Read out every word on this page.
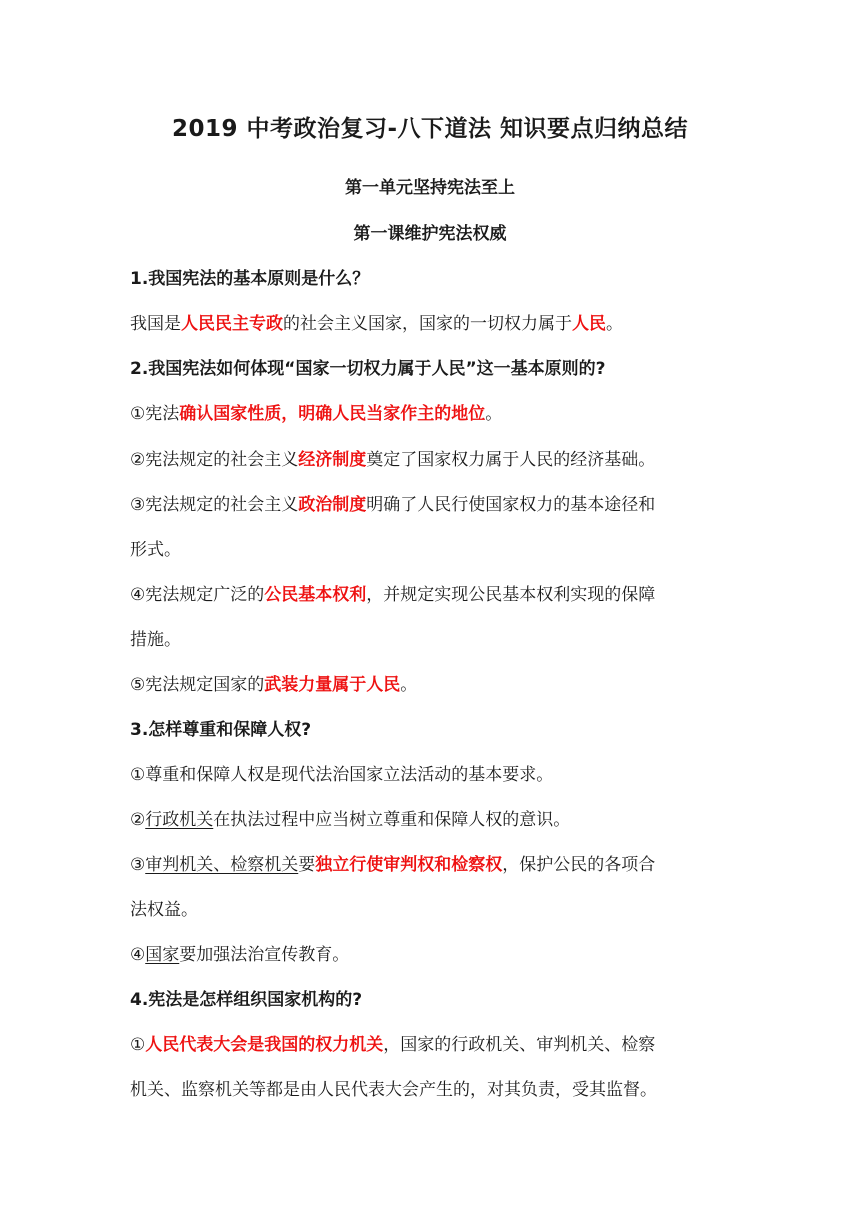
2019 中考政治复习-八下道法 知识要点归纳总结
第一单元坚持宪法至上
第一课维护宪法权威
1.我国宪法的基本原则是什么？
我国是人民民主专政的社会主义国家，国家的一切权力属于人民。
2.我国宪法如何体现“国家一切权力属于人民”这一基本原则的?
①宪法确认国家性质，明确人民当家作主的地位。
②宪法规定的社会主义经济制度奠定了国家权力属于人民的经济基础。
③宪法规定的社会主义政治制度明确了人民行使国家权力的基本途径和
形式。
④宪法规定广泛的公民基本权利，并规定实现公民基本权利实现的保障
措施。
⑤宪法规定国家的武装力量属于人民。
3.怎样尊重和保障人权?
①尊重和保障人权是现代法治国家立法活动的基本要求。
②行政机关在执法过程中应当树立尊重和保障人权的意识。
③审判机关、检察机关要独立行使审判权和检察权，保护公民的各项合
法权益。
④国家要加强法治宣传教育。
4.宪法是怎样组织国家机构的?
①人民代表大会是我国的权力机关，国家的行政机关、审判机关、检察
机关、监察机关等都是由人民代表大会产生的，对其负责，受其监督。
